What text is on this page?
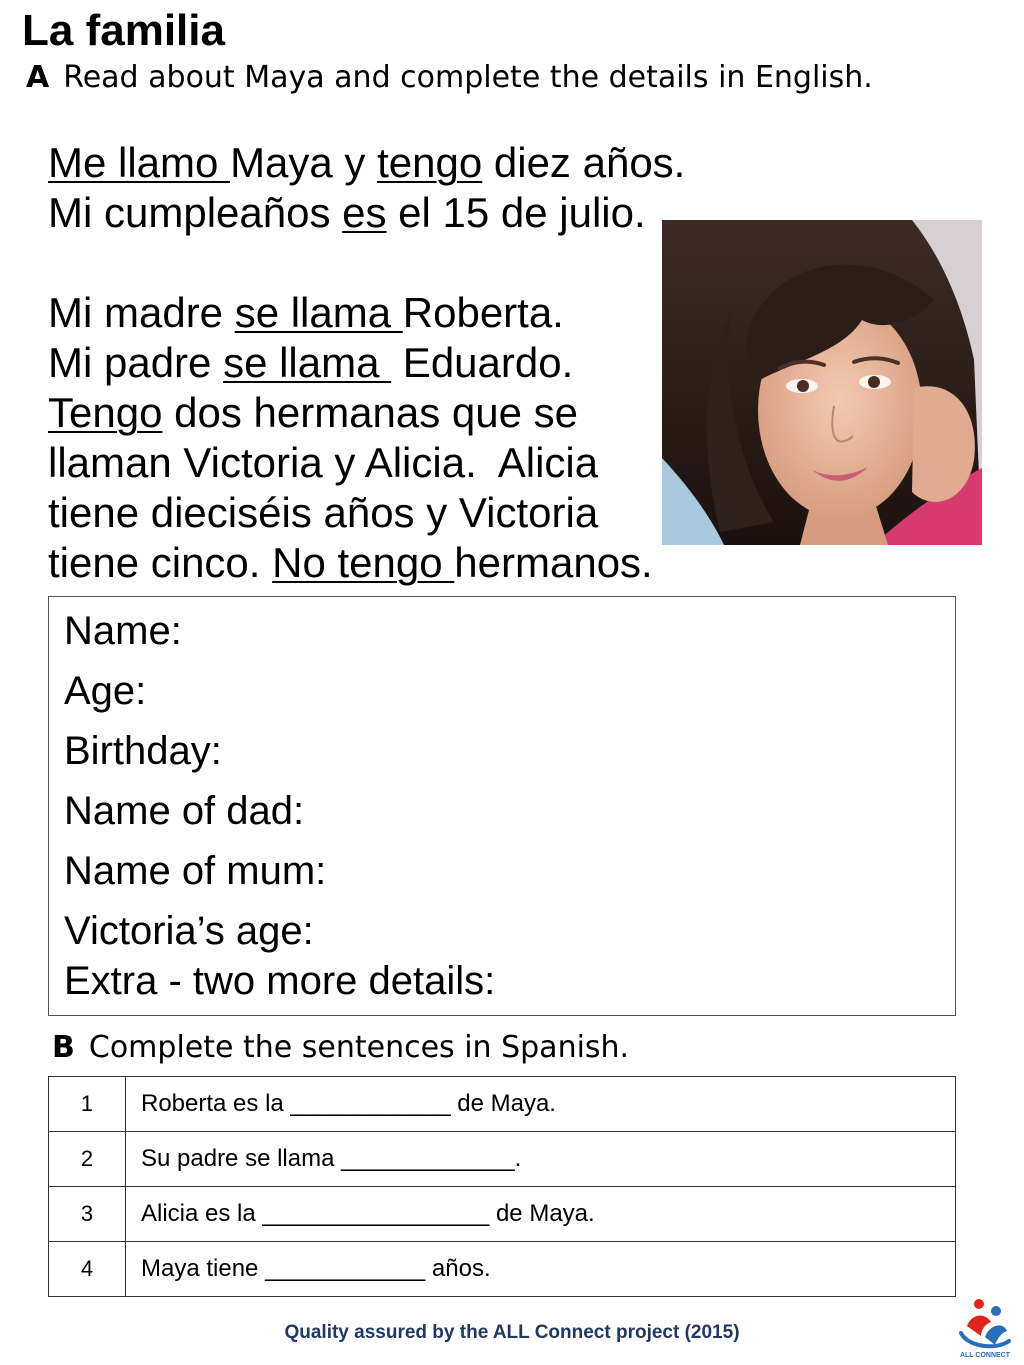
La familia
A Read about Maya and complete the details in English.
Me llamo Maya y tengo diez años.
Mi cumpleaños es el 15 de julio.
Mi madre se llama Roberta.
Mi padre se llama  Eduardo.
Tengo dos hermanas que se
llaman Victoria y Alicia.  Alicia
tiene dieciséis años y Victoria
tiene cinco. No tengo hermanos.
Name:
Age:
Birthday:
Name of dad:
Name of mum:
Victoria’s age:
Extra - two more details:
B Complete the sentences in Spanish.
1	Roberta es la ____________ de Maya.
2	Su padre se llama _____________.
3	Alicia es la _________________ de Maya.
4	Maya tiene ____________ años.
Quality assured by the ALL Connect project (2015)
ALL CONNECT
